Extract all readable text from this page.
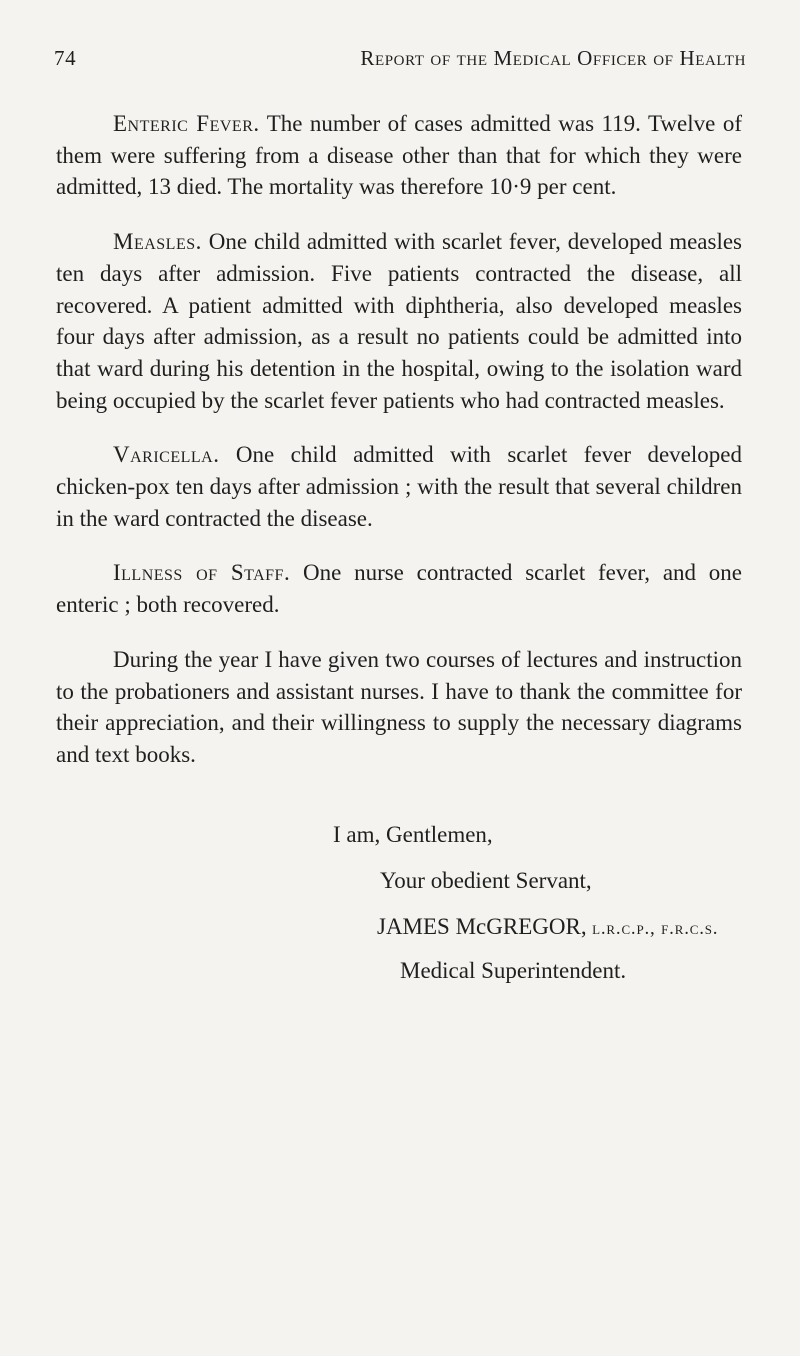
74	Report of the Medical Officer of Health

Enteric Fever. The number of cases admitted was 119. Twelve of them were suffering from a disease other than that for which they were admitted, 13 died. The mortality was therefore 10·9 per cent.

Measles. One child admitted with scarlet fever, developed measles ten days after admission. Five patients contracted the disease, all recovered. A patient admitted with diphtheria, also developed measles four days after admission, as a result no patients could be admitted into that ward during his detention in the hospital, owing to the isolation ward being occupied by the scarlet fever patients who had contracted measles.

Varicella. One child admitted with scarlet fever developed chicken-pox ten days after admission ; with the result that several children in the ward contracted the disease.

Illness of Staff. One nurse contracted scarlet fever, and one enteric ; both recovered.

During the year I have given two courses of lectures and instruction to the probationers and assistant nurses. I have to thank the committee for their appreciation, and their willingness to supply the necessary diagrams and text books.

I am, Gentlemen,
Your obedient Servant,
JAMES McGREGOR, l.r.c.p., f.r.c.s.
Medical Superintendent.
